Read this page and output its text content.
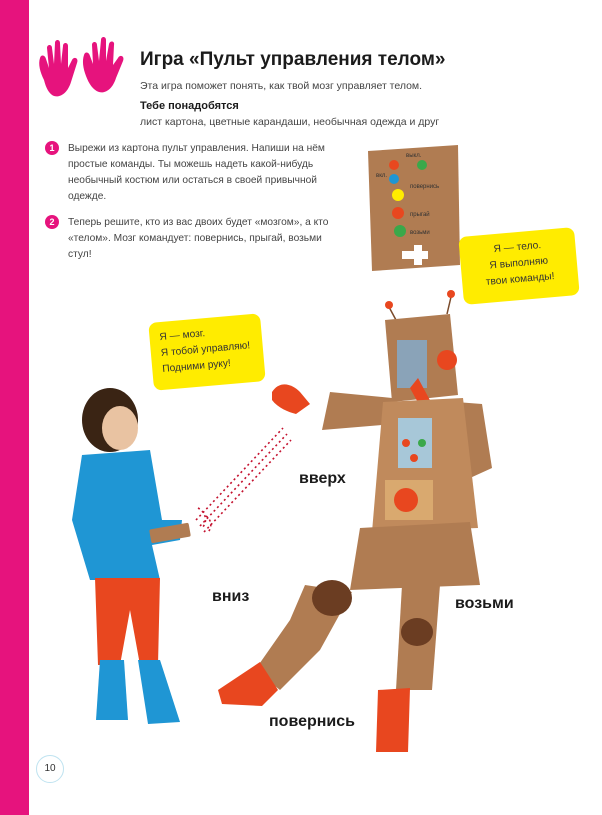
Игра «Пульт управления телом»
Эта игра поможет понять, как твой мозг управляет телом.
Тебе понадобятся
лист картона, цветные карандаши, необычная одежда и друг
1	Вырежи из картона пульт управления. Напиши на нём простые команды. Ты можешь надеть какой-нибудь необычный костюм или остаться в своей привычной одежде.
2	Теперь решите, кто из вас двоих будет «мозгом», а кто «телом». Мозг командует: повернись, прыгай, возьми стул!
выкл.
вкл.
повернись
прыгай
возьми
Я — тело.
Я выполняю
твои команды!
Я — мозг.
Я тобой управляю!
Подними руку!
вверх
вниз	возьми
повернись
10
